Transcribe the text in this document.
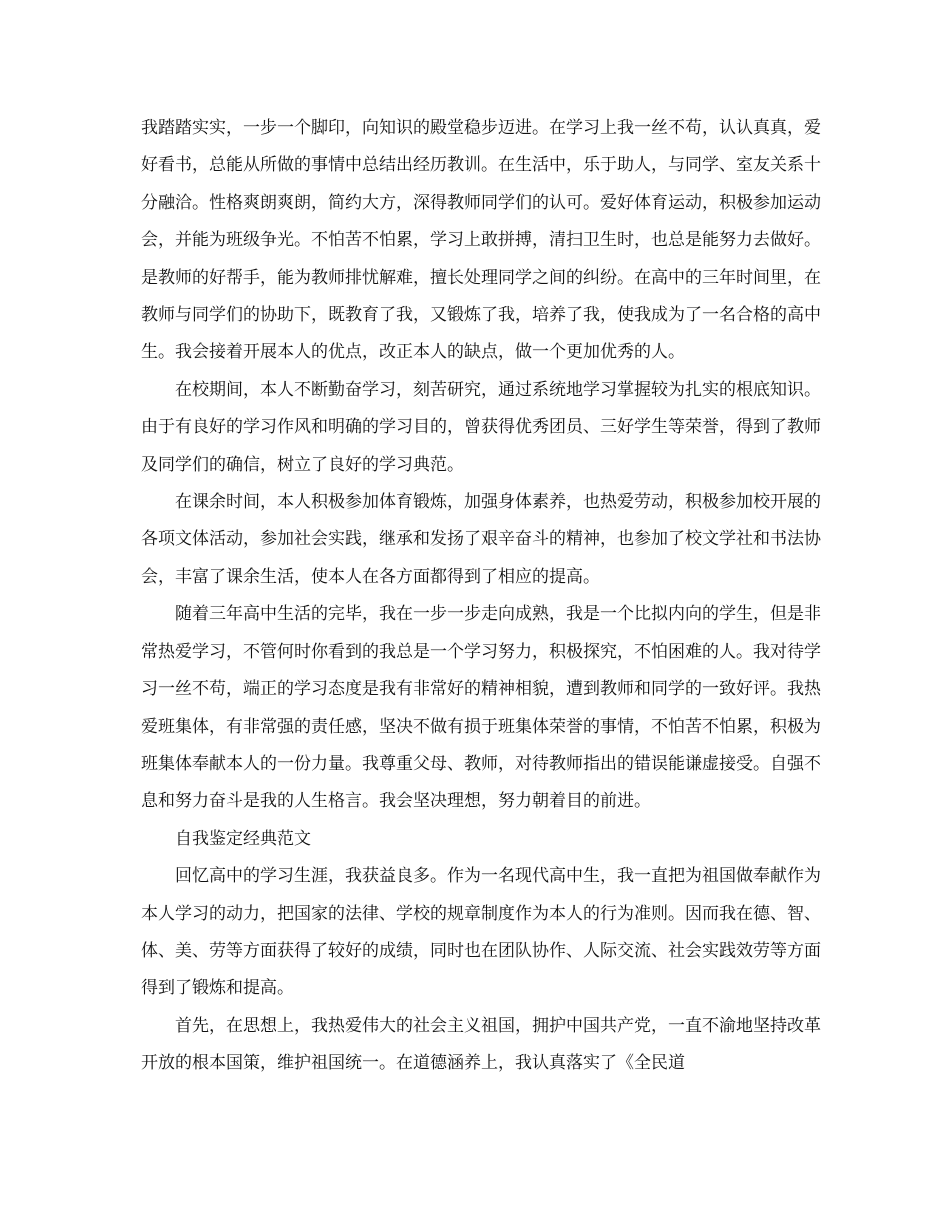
我踏踏实实，一步一个脚印，向知识的殿堂稳步迈进。在学习上我一丝不苟，认认真真，爱好看书，总能从所做的事情中总结出经历教训。在生活中，乐于助人，与同学、室友关系十分融洽。性格爽朗爽朗，简约大方，深得教师同学们的认可。爱好体育运动，积极参加运动会，并能为班级争光。不怕苦不怕累，学习上敢拼搏，清扫卫生时，也总是能努力去做好。是教师的好帮手，能为教师排忧解难，擅长处理同学之间的纠纷。在高中的三年时间里，在教师与同学们的协助下，既教育了我，又锻炼了我，培养了我，使我成为了一名合格的高中生。我会接着开展本人的优点，改正本人的缺点，做一个更加优秀的人。

在校期间，本人不断勤奋学习，刻苦研究，通过系统地学习掌握较为扎实的根底知识。由于有良好的学习作风和明确的学习目的，曾获得优秀团员、三好学生等荣誉，得到了教师及同学们的确信，树立了良好的学习典范。

在课余时间，本人积极参加体育锻炼，加强身体素养，也热爱劳动，积极参加校开展的各项文体活动，参加社会实践，继承和发扬了艰辛奋斗的精神，也参加了校文学社和书法协会，丰富了课余生活，使本人在各方面都得到了相应的提高。

随着三年高中生活的完毕，我在一步一步走向成熟，我是一个比拟内向的学生，但是非常热爱学习，不管何时你看到的我总是一个学习努力，积极探究，不怕困难的人。我对待学习一丝不苟，端正的学习态度是我有非常好的精神相貌，遭到教师和同学的一致好评。我热爱班集体，有非常强的责任感，坚决不做有损于班集体荣誉的事情，不怕苦不怕累，积极为班集体奉献本人的一份力量。我尊重父母、教师，对待教师指出的错误能谦虚接受。自强不息和努力奋斗是我的人生格言。我会坚决理想，努力朝着目的前进。

自我鉴定经典范文

回忆高中的学习生涯，我获益良多。作为一名现代高中生，我一直把为祖国做奉献作为本人学习的动力，把国家的法律、学校的规章制度作为本人的行为准则。因而我在德、智、体、美、劳等方面获得了较好的成绩，同时也在团队协作、人际交流、社会实践效劳等方面得到了锻炼和提高。

首先，在思想上，我热爱伟大的社会主义祖国，拥护中国共产党，一直不渝地坚持改革开放的根本国策，维护祖国统一。在道德涵养上，我认真落实了《全民道
